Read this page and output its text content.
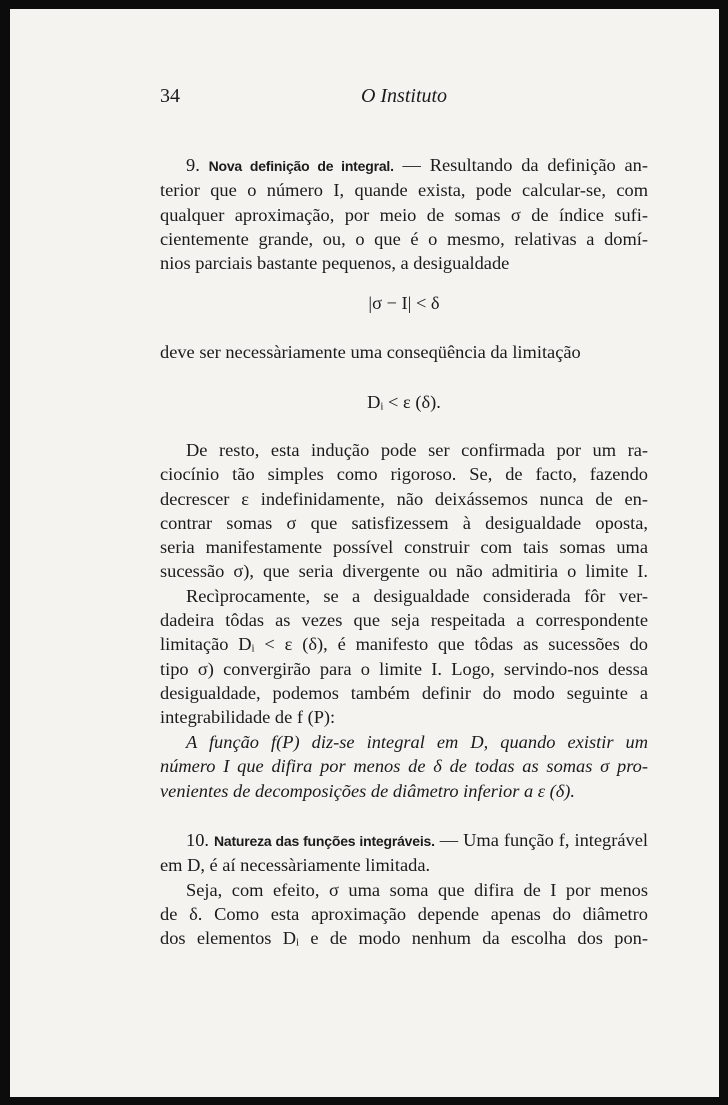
34	O Instituto
9. Nova definição de integral. — Resultando da definição an-
terior que o número I, quande exista, pode calcular-se, com
qualquer aproximação, por meio de somas σ de índice sufi-
cientemente grande, ou, o que é o mesmo, relativas a domí-
nios parciais bastante pequenos, a desigualdade
|σ − I| < δ
deve ser necessàriamente uma conseqüência da limitação
Dᵢ < ε (δ).
De resto, esta indução pode ser confirmada por um ra-
ciocínio tão simples como rigoroso. Se, de facto, fazendo
decrescer ε indefinidamente, não deixássemos nunca de en-
contrar somas σ que satisfizessem à desigualdade oposta,
seria manifestamente possível construir com tais somas uma
sucessão σ), que seria divergente ou não admitiria o limite I.
Recìprocamente, se a desigualdade considerada fôr ver-
dadeira tôdas as vezes que seja respeitada a correspondente
limitação Dᵢ < ε (δ), é manifesto que tôdas as sucessões do
tipo σ) convergirão para o limite I. Logo, servindo-nos dessa
desigualdade, podemos também definir do modo seguinte a
integrabilidade de f (P):
A função f(P) diz-se integral em D, quando existir um
número I que difira por menos de δ de todas as somas σ pro-
venientes de decomposições de diâmetro inferior a ε (δ).
10. Natureza das funções integráveis. — Uma função f, integrável
em D, é aí necessàriamente limitada.
Seja, com efeito, σ uma soma que difira de I por menos
de δ. Como esta aproximação depende apenas do diâmetro
dos elementos Dᵢ e de modo nenhum da escolha dos pon-
